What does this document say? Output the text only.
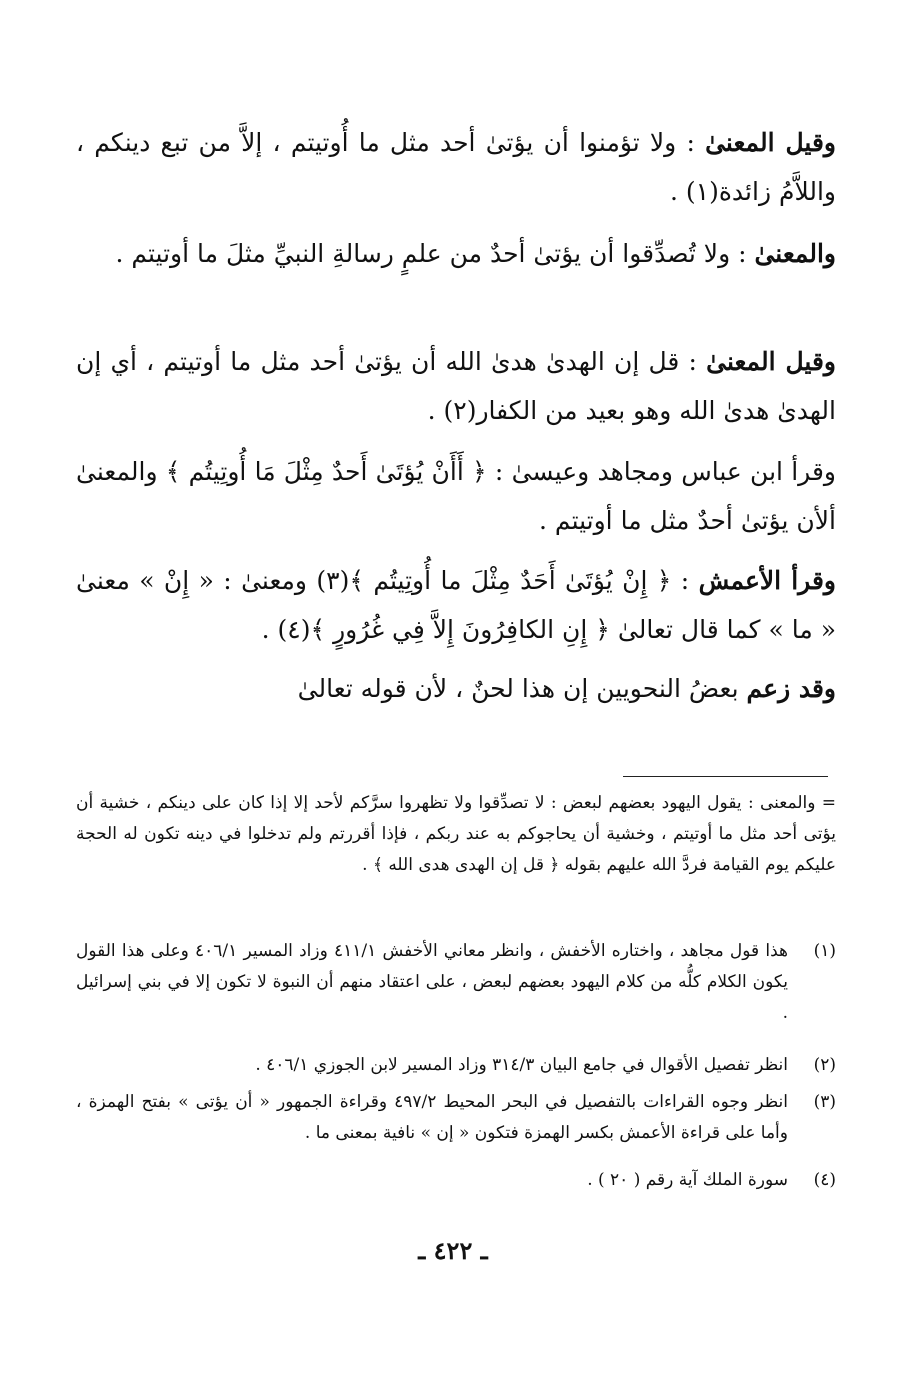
وقيل المعنىٰ : ولا تؤمنوا أن يؤتىٰ أحد مثل ما أُوتيتم ، إلاَّ من تبع دينكم ، واللاَّمُ زائدة(١) .
والمعنىٰ : ولا تُصدِّقوا أن يؤتىٰ أحدٌ من علمٍ رسالةِ النبيِّ مثلَ ما أوتيتم .
وقيل المعنىٰ : قل إن الهدىٰ هدىٰ الله أن يؤتىٰ أحد مثل ما أوتيتم ، أي إن الهدىٰ هدىٰ الله وهو بعيد من الكفار(٢) .
وقرأ ابن عباس ومجاهد وعيسىٰ : ﴿ أَأَنْ يُؤتَىٰ أَحدٌ مِثْلَ مَا أُوتِيتُم ﴾ والمعنىٰ ألأن يؤتىٰ أحدٌ مثل ما أوتيتم .
وقرأ الأعمش : ﴿ إِنْ يُؤتَىٰ أَحَدٌ مِثْلَ ما أُوتِيتُم ﴾(٣) ومعنىٰ : « إِنْ » معنىٰ « ما » كما قال تعالىٰ ﴿ إِنِ الكافِرُونَ إِلاَّ فِي غُرُورٍ ﴾(٤) .
وقد زعم بعضُ النحويين إن هذا لحنٌ ، لأن قوله تعالىٰ
= والمعنى : يقول اليهود بعضهم لبعض : لا تصدِّقوا ولا تظهروا سرَّكم لأحد إلا إذا كان على دينكم ، خشية أن يؤتى أحد مثل ما أوتيتم ، وخشية أن يحاجوكم به عند ربكم ، فإذا أقررتم ولم تدخلوا في دينه تكون له الحجة عليكم يوم القيامة فردَّ الله عليهم بقوله ﴿ قل إن الهدى هدى الله ﴾ .
(١)
هذا قول مجاهد ، واختاره الأخفش ، وانظر معاني الأخفش ٤١١/١ وزاد المسير ٤٠٦/١ وعلى هذا القول يكون الكلام كلُّه من كلام اليهود بعضهم لبعض ، على اعتقاد منهم أن النبوة لا تكون إلا في بني إسرائيل .
(٢)
انظر تفصيل الأقوال في جامع البيان ٣١٤/٣ وزاد المسير لابن الجوزي ٤٠٦/١ .
(٣)
انظر وجوه القراءات بالتفصيل في البحر المحيط ٤٩٧/٢ وقراءة الجمهور « أن يؤتى » بفتح الهمزة ، وأما على قراءة الأعمش بكسر الهمزة فتكون « إن » نافية بمعنى ما .
(٤)
سورة الملك آية رقم ( ٢٠ ) .
ـ ٤٢٢ ـ
